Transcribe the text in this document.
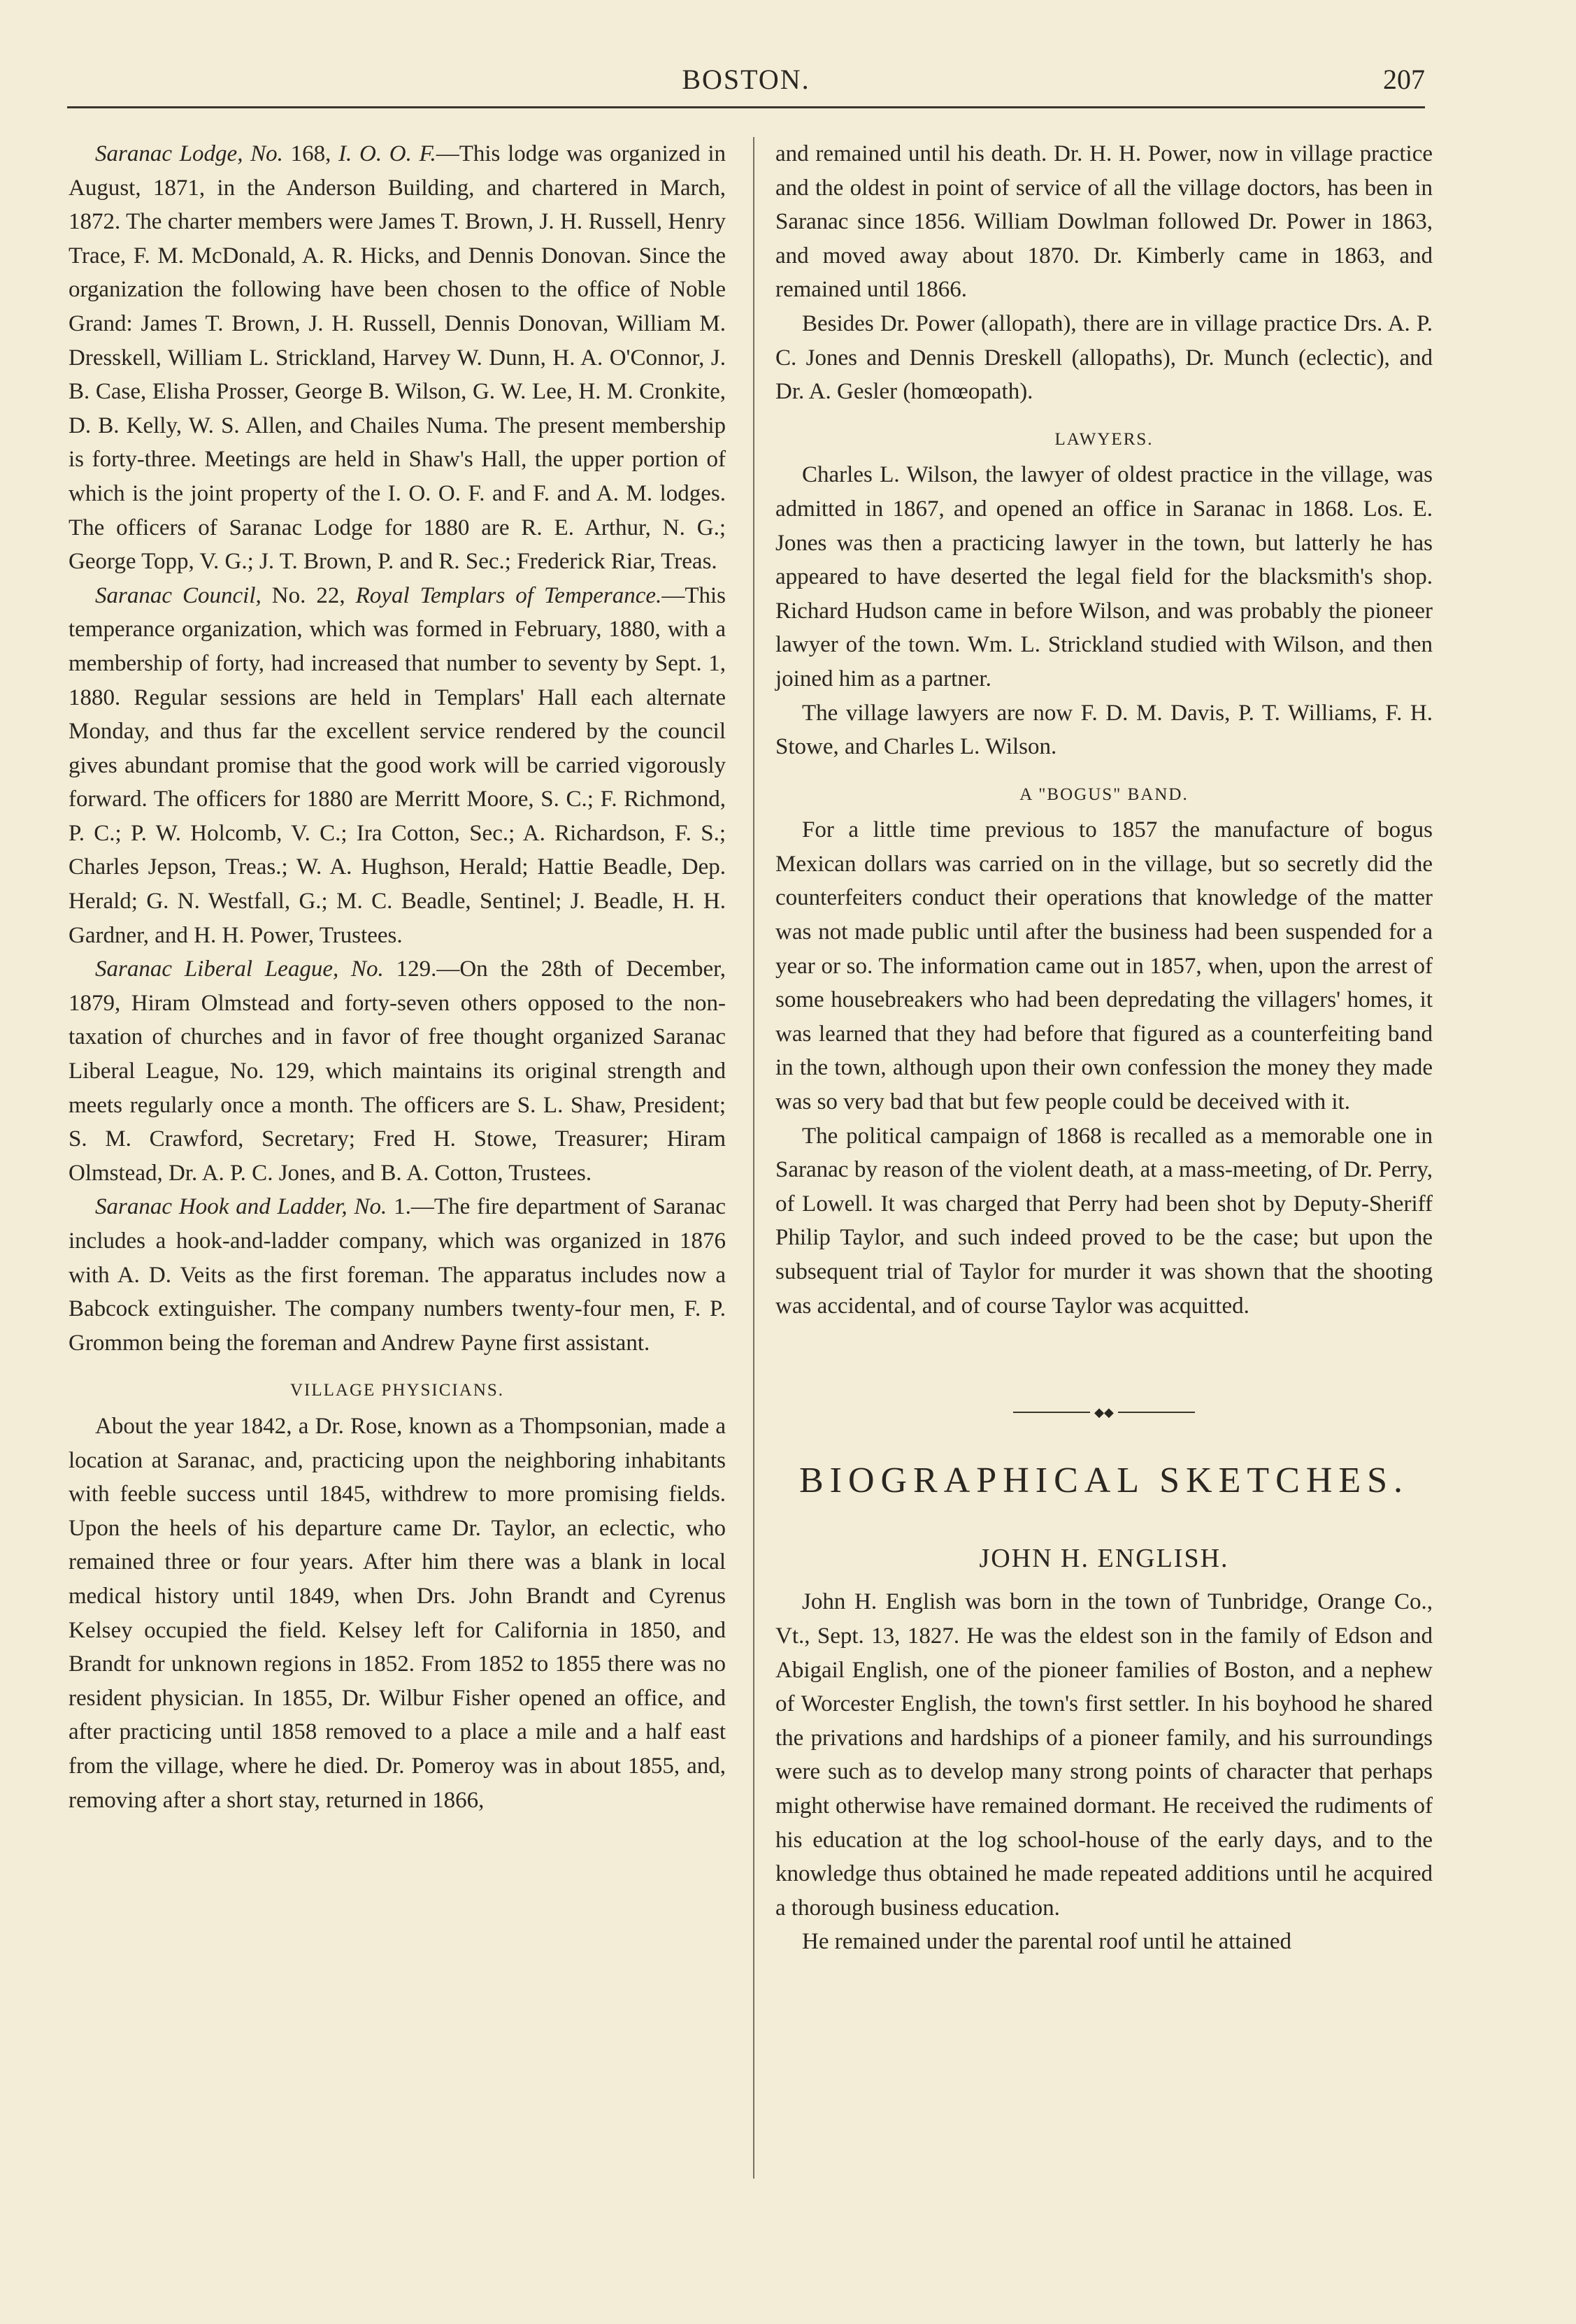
BOSTON.	207

Saranac Lodge, No. 168, I. O. O. F.—This lodge was organized in August, 1871, in the Anderson Building, and chartered in March, 1872. The charter members were James T. Brown, J. H. Russell, Henry Trace, F. M. McDonald, A. R. Hicks, and Dennis Donovan. Since the organization the following have been chosen to the office of Noble Grand: James T. Brown, J. H. Russell, Dennis Donovan, William M. Dresskell, William L. Strickland, Harvey W. Dunn, H. A. O'Connor, J. B. Case, Elisha Prosser, George B. Wilson, G. W. Lee, H. M. Cronkite, D. B. Kelly, W. S. Allen, and Chailes Numa. The present membership is forty-three. Meetings are held in Shaw's Hall, the upper portion of which is the joint property of the I. O. O. F. and F. and A. M. lodges. The officers of Saranac Lodge for 1880 are R. E. Arthur, N. G.; George Topp, V. G.; J. T. Brown, P. and R. Sec.; Frederick Riar, Treas.

Saranac Council, No. 22, Royal Templars of Temperance.—This temperance organization, which was formed in February, 1880, with a membership of forty, had increased that number to seventy by Sept. 1, 1880. Regular sessions are held in Templars' Hall each alternate Monday, and thus far the excellent service rendered by the council gives abundant promise that the good work will be carried vigorously forward. The officers for 1880 are Merritt Moore, S. C.; F. Richmond, P. C.; P. W. Holcomb, V. C.; Ira Cotton, Sec.; A. Richardson, F. S.; Charles Jepson, Treas.; W. A. Hughson, Herald; Hattie Beadle, Dep. Herald; G. N. Westfall, G.; M. C. Beadle, Sentinel; J. Beadle, H. H. Gardner, and H. H. Power, Trustees.

Saranac Liberal League, No. 129.—On the 28th of December, 1879, Hiram Olmstead and forty-seven others opposed to the non-taxation of churches and in favor of free thought organized Saranac Liberal League, No. 129, which maintains its original strength and meets regularly once a month. The officers are S. L. Shaw, President; S. M. Crawford, Secretary; Fred H. Stowe, Treasurer; Hiram Olmstead, Dr. A. P. C. Jones, and B. A. Cotton, Trustees.

Saranac Hook and Ladder, No. 1.—The fire department of Saranac includes a hook-and-ladder company, which was organized in 1876 with A. D. Veits as the first foreman. The apparatus includes now a Babcock extinguisher. The company numbers twenty-four men, F. P. Grommon being the foreman and Andrew Payne first assistant.

VILLAGE PHYSICIANS.

About the year 1842, a Dr. Rose, known as a Thompsonian, made a location at Saranac, and, practicing upon the neighboring inhabitants with feeble success until 1845, withdrew to more promising fields. Upon the heels of his departure came Dr. Taylor, an eclectic, who remained three or four years. After him there was a blank in local medical history until 1849, when Drs. John Brandt and Cyrenus Kelsey occupied the field. Kelsey left for California in 1850, and Brandt for unknown regions in 1852. From 1852 to 1855 there was no resident physician. In 1855, Dr. Wilbur Fisher opened an office, and after practicing until 1858 removed to a place a mile and a half east from the village, where he died. Dr. Pomeroy was in about 1855, and, removing after a short stay, returned in 1866,

and remained until his death. Dr. H. H. Power, now in village practice and the oldest in point of service of all the village doctors, has been in Saranac since 1856. William Dowlman followed Dr. Power in 1863, and moved away about 1870. Dr. Kimberly came in 1863, and remained until 1866.

Besides Dr. Power (allopath), there are in village practice Drs. A. P. C. Jones and Dennis Dreskell (allopaths), Dr. Munch (eclectic), and Dr. A. Gesler (homœopath).

LAWYERS.

Charles L. Wilson, the lawyer of oldest practice in the village, was admitted in 1867, and opened an office in Saranac in 1868. Los. E. Jones was then a practicing lawyer in the town, but latterly he has appeared to have deserted the legal field for the blacksmith's shop. Richard Hudson came in before Wilson, and was probably the pioneer lawyer of the town. Wm. L. Strickland studied with Wilson, and then joined him as a partner.

The village lawyers are now F. D. M. Davis, P. T. Williams, F. H. Stowe, and Charles L. Wilson.

A "BOGUS" BAND.

For a little time previous to 1857 the manufacture of bogus Mexican dollars was carried on in the village, but so secretly did the counterfeiters conduct their operations that knowledge of the matter was not made public until after the business had been suspended for a year or so. The information came out in 1857, when, upon the arrest of some housebreakers who had been depredating the villagers' homes, it was learned that they had before that figured as a counterfeiting band in the town, although upon their own confession the money they made was so very bad that but few people could be deceived with it.

The political campaign of 1868 is recalled as a memorable one in Saranac by reason of the violent death, at a mass-meeting, of Dr. Perry, of Lowell. It was charged that Perry had been shot by Deputy-Sheriff Philip Taylor, and such indeed proved to be the case; but upon the subsequent trial of Taylor for murder it was shown that the shooting was accidental, and of course Taylor was acquitted.

◆◆
BIOGRAPHICAL SKETCHES.
JOHN H. ENGLISH.

John H. English was born in the town of Tunbridge, Orange Co., Vt., Sept. 13, 1827. He was the eldest son in the family of Edson and Abigail English, one of the pioneer families of Boston, and a nephew of Worcester English, the town's first settler. In his boyhood he shared the privations and hardships of a pioneer family, and his surroundings were such as to develop many strong points of character that perhaps might otherwise have remained dormant. He received the rudiments of his education at the log school-house of the early days, and to the knowledge thus obtained he made repeated additions until he acquired a thorough business education.

He remained under the parental roof until he attained
